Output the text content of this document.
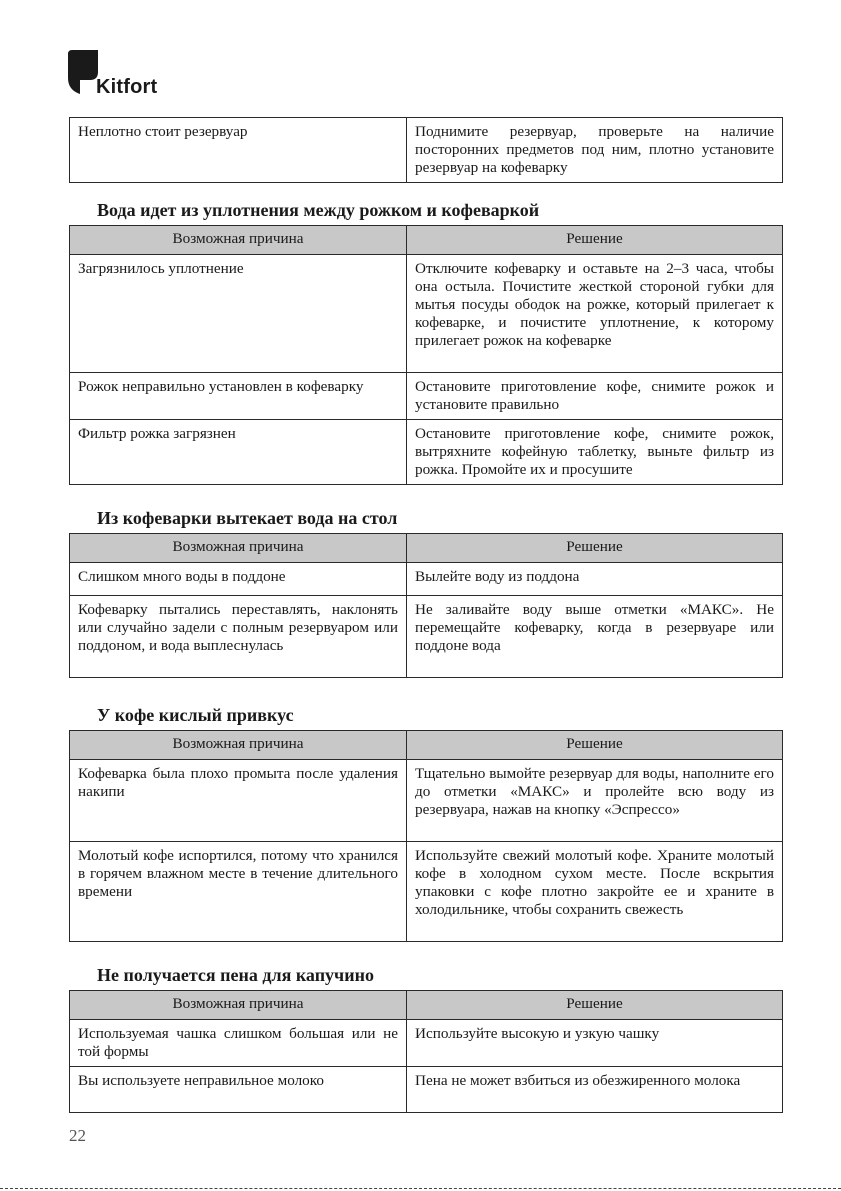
Kitfort
Неплотно стоит резервуар	Поднимите резервуар, проверьте на наличие посторонних предметов под ним, плотно установите резервуар на кофеварку
Вода идет из уплотнения между рожком и кофеваркой
Возможная причина	Решение
Загрязнилось уплотнение	Отключите кофеварку и оставьте на 2–3 часа, чтобы она остыла. Почистите жесткой стороной губки для мытья посуды ободок на рожке, который прилегает к кофеварке, и почистите уплотнение, к которому прилегает рожок на кофеварке
Рожок неправильно установлен в кофеварку	Остановите приготовление кофе, снимите рожок и установите правильно
Фильтр рожка загрязнен	Остановите приготовление кофе, снимите рожок, вытряхните кофейную таблетку, выньте фильтр из рожка. Промойте их и просушите
Из кофеварки вытекает вода на стол
Возможная причина	Решение
Слишком много воды в поддоне	Вылейте воду из поддона
Кофеварку пытались переставлять, наклонять или случайно задели с полным резервуаром или поддоном, и вода выплеснулась	Не заливайте воду выше отметки «МАКС». Не перемещайте кофеварку, когда в резервуаре или поддоне вода
У кофе кислый привкус
Возможная причина	Решение
Кофеварка была плохо промыта после удаления накипи	Тщательно вымойте резервуар для воды, наполните его до отметки «МАКС» и пролейте всю воду из резервуара, нажав на кнопку «Эспрессо»
Молотый кофе испортился, потому что хранился в горячем влажном месте в течение длительного времени	Используйте свежий молотый кофе. Храните молотый кофе в холодном сухом месте. После вскрытия упаковки с кофе плотно закройте ее и храните в холодильнике, чтобы сохранить свежесть
Не получается пена для капучино
Возможная причина	Решение
Используемая чашка слишком большая или не той формы	Используйте высокую и узкую чашку
Вы используете неправильное молоко	Пена не может взбиться из обезжиренного молока
22
